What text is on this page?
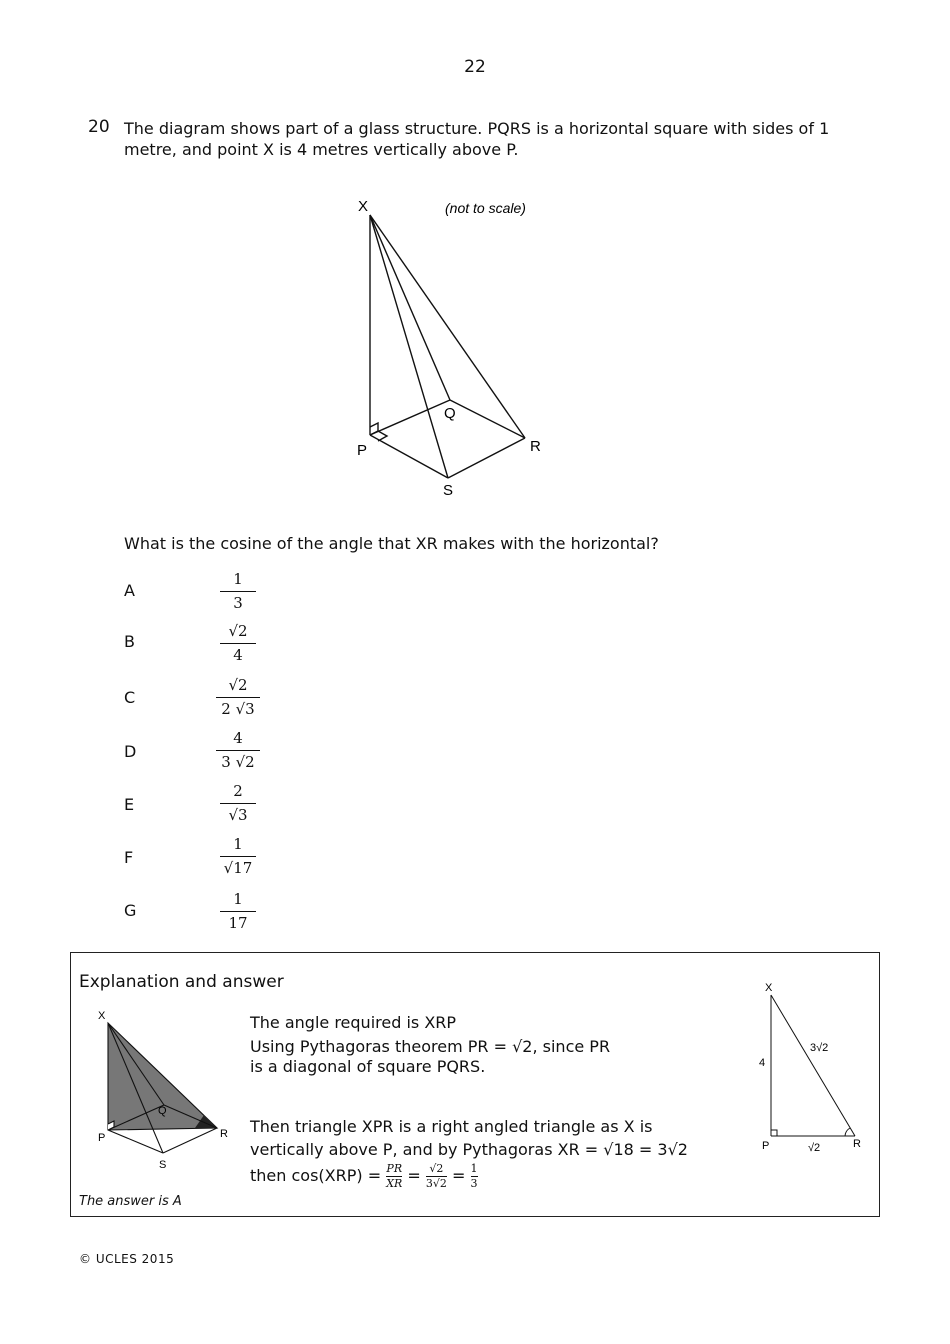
22
20 The diagram shows part of a glass structure. PQRS is a horizontal square with sides of 1 metre, and point X is 4 metres vertically above P.
X	(not to scale)
Q
P	R
S
What is the cosine of the angle that XR makes with the horizontal?
A
1
3
B
√2
4
C
√2
2 √3
D
4
3 √2
E
2
√3
F
1
√17
G
1
17
Explanation and answer
X
Q
P	R
S
The angle required is XRP
Using Pythagoras theorem PR = √2, since PR
is a diagonal of square PQRS.
Then triangle XPR is a right angled triangle as X is
vertically above P, and by Pythagoras XR = √18 = 3√2
then $\cos(XRP) = \frac{PR}{XR} = \frac{√2}{3√2} = \frac{1}{3}$
X
4
3√2
P	√2	R
The answer is A
© UCLES 2015
